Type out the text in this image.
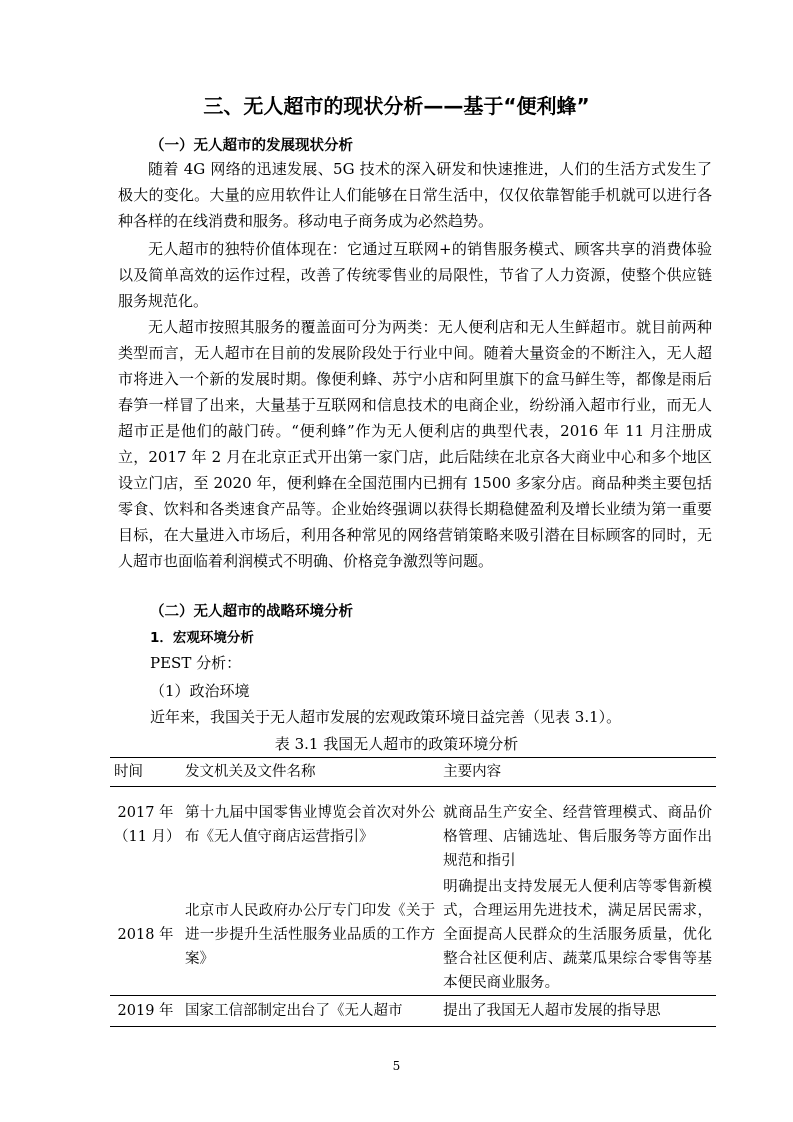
三、无人超市的现状分析——基于“便利蜂”
（一）无人超市的发展现状分析

随着 4G 网络的迅速发展、5G 技术的深入研发和快速推进，人们的生活方式发生了极大的变化。大量的应用软件让人们能够在日常生活中，仅仅依靠智能手机就可以进行各种各样的在线消费和服务。移动电子商务成为必然趋势。

无人超市的独特价值体现在：它通过互联网+的销售服务模式、顾客共享的消费体验以及简单高效的运作过程，改善了传统零售业的局限性，节省了人力资源，使整个供应链服务规范化。

无人超市按照其服务的覆盖面可分为两类：无人便利店和无人生鲜超市。就目前两种类型而言，无人超市在目前的发展阶段处于行业中间。随着大量资金的不断注入，无人超市将进入一个新的发展时期。像便利蜂、苏宁小店和阿里旗下的盒马鲜生等，都像是雨后春笋一样冒了出来，大量基于互联网和信息技术的电商企业，纷纷涌入超市行业，而无人超市正是他们的敲门砖。“便利蜂”作为无人便利店的典型代表，2016 年 11 月注册成立，2017 年 2 月在北京正式开出第一家门店，此后陆续在北京各大商业中心和多个地区设立门店，至 2020 年，便利蜂在全国范围内已拥有 1500 多家分店。商品种类主要包括零食、饮料和各类速食产品等。企业始终强调以获得长期稳健盈利及增长业绩为第一重要目标，在大量进入市场后，利用各种常见的网络营销策略来吸引潜在目标顾客的同时，无人超市也面临着利润模式不明确、价格竞争激烈等问题。

（二）无人超市的战略环境分析
1．宏观环境分析
PEST 分析：
（1）政治环境
近年来，我国关于无人超市发展的宏观政策环境日益完善（见表 3.1）。
表 3.1 我国无人超市的政策环境分析
时间	发文机关及文件名称	主要内容
2017 年（11 月）	第十九届中国零售业博览会首次对外公布《无人值守商店运营指引》	就商品生产安全、经营管理模式、商品价格管理、店铺选址、售后服务等方面作出规范和指引
2018 年	北京市人民政府办公厅专门印发《关于进一步提升生活性服务业品质的工作方案》	明确提出支持发展无人便利店等零售新模式，合理运用先进技术，满足居民需求，全面提高人民群众的生活服务质量，优化整合社区便利店、蔬菜瓜果综合零售等基本便民商业服务。
2019 年	国家工信部制定出台了《无人超市	提出了我国无人超市发展的指导思
5
